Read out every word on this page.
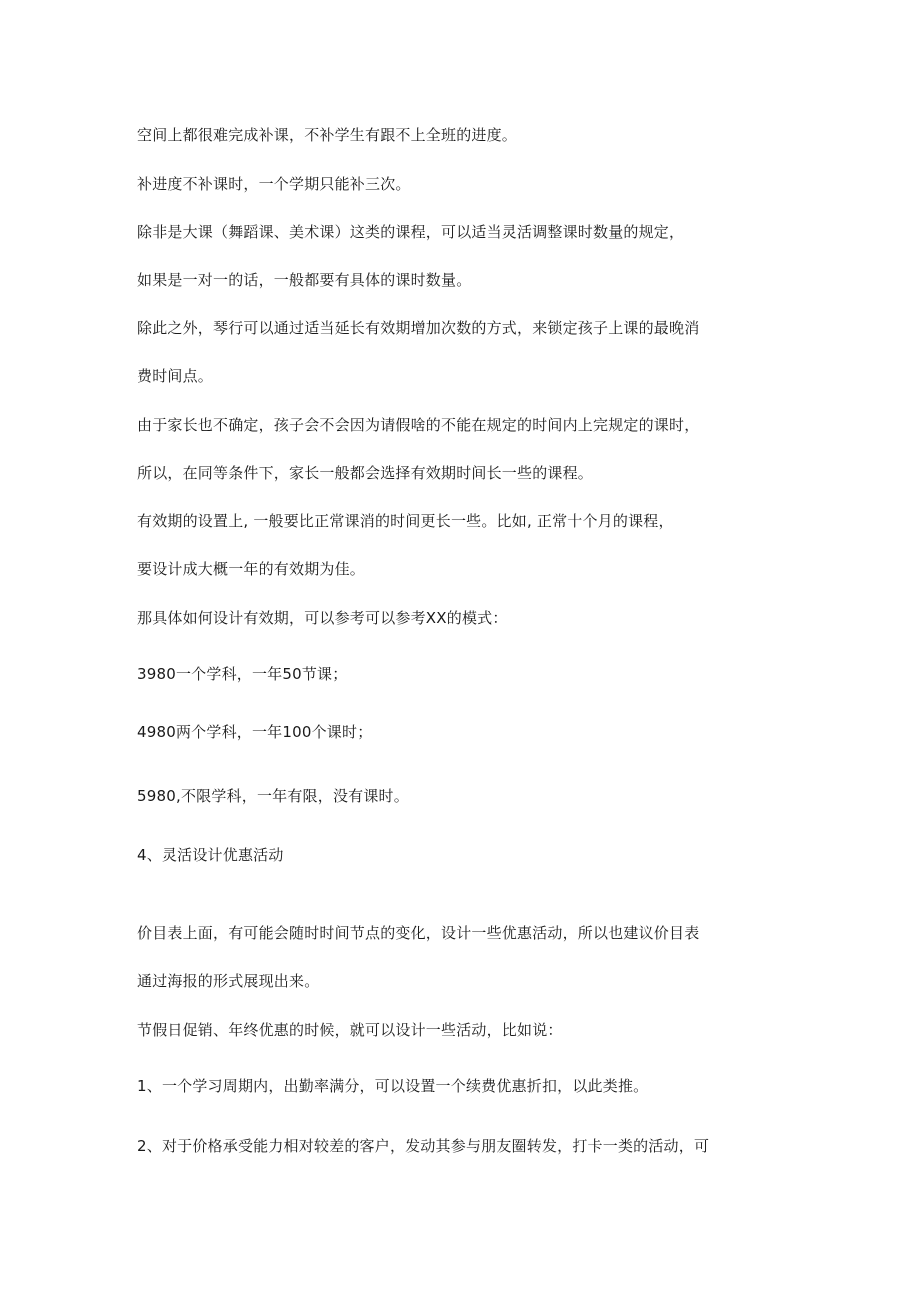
空间上都很难完成补课，不补学生有跟不上全班的进度。
补进度不补课时，一个学期只能补三次。
除非是大课（舞蹈课、美术课）这类的课程，可以适当灵活调整课时数量的规定，
如果是一对一的话，一般都要有具体的课时数量。
除此之外，琴行可以通过适当延长有效期增加次数的方式，来锁定孩子上课的最晚消
费时间点。
由于家长也不确定，孩子会不会因为请假啥的不能在规定的时间内上完规定的课时，
所以，在同等条件下，家长一般都会选择有效期时间长一些的课程。
有效期的设置上, 一般要比正常课消的时间更长一些。比如, 正常十个月的课程，
要设计成大概一年的有效期为佳。
那具体如何设计有效期，可以参考可以参考XX的模式：
3980一个学科，一年50节课；
4980两个学科，一年100个课时；
5980,不限学科，一年有限，没有课时。
4、灵活设计优惠活动
价目表上面，有可能会随时时间节点的变化，设计一些优惠活动，所以也建议价目表
通过海报的形式展现出来。
节假日促销、年终优惠的时候，就可以设计一些活动，比如说：
1、一个学习周期内，出勤率满分，可以设置一个续费优惠折扣，以此类推。
2、对于价格承受能力相对较差的客户，发动其参与朋友圈转发，打卡一类的活动，可
